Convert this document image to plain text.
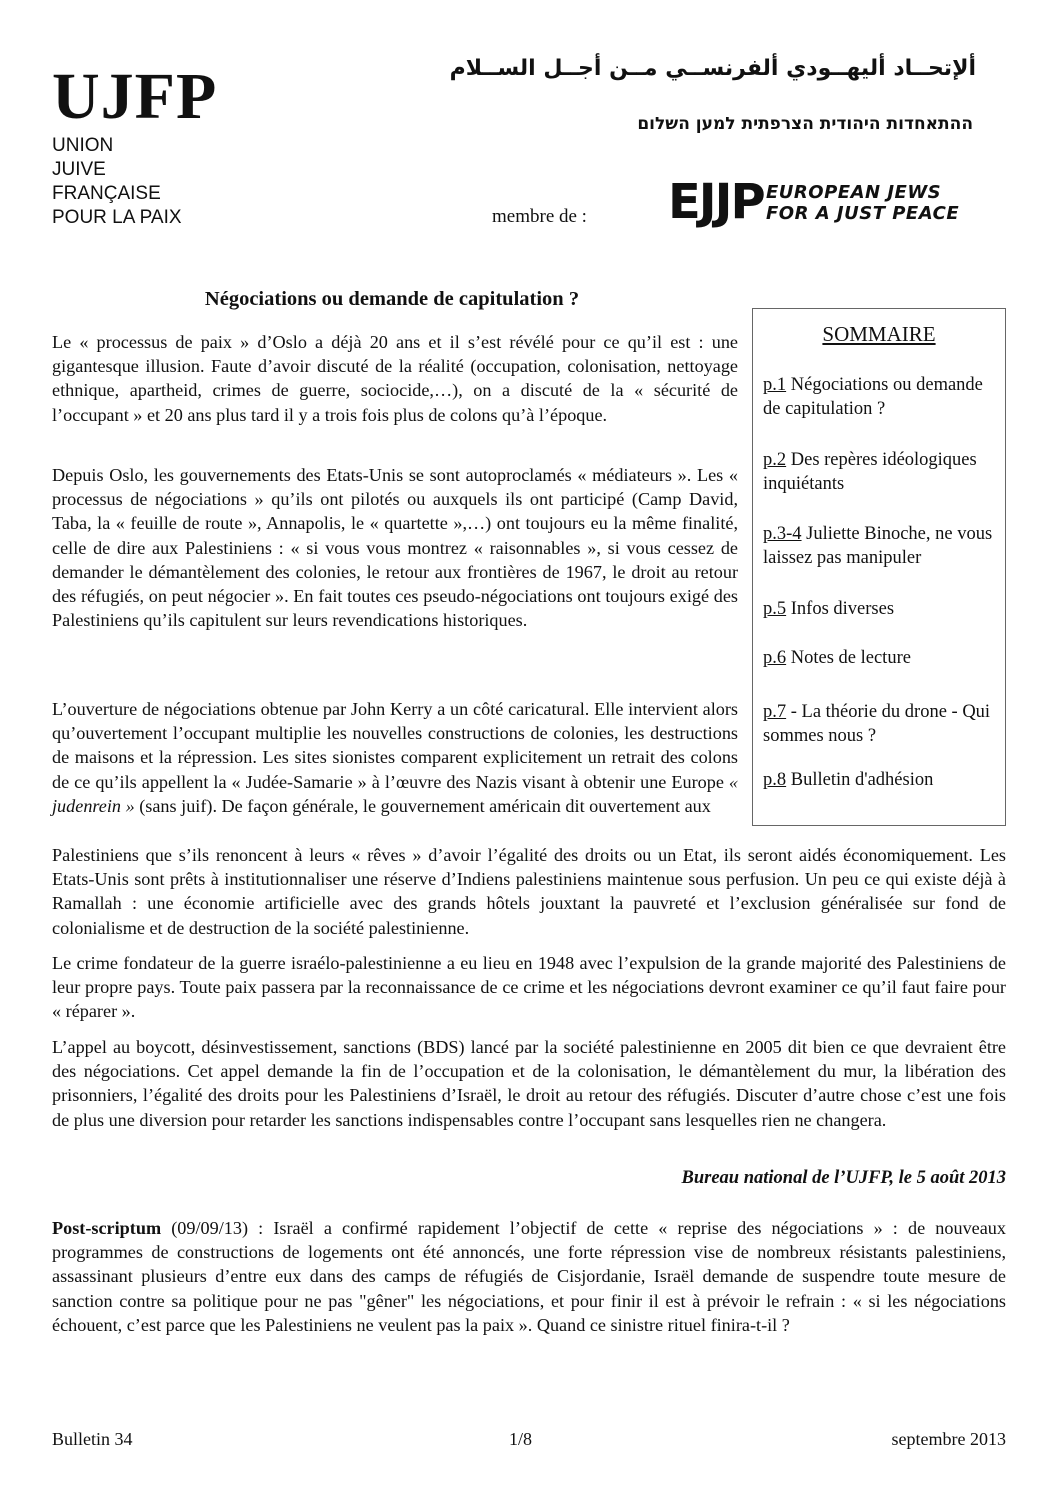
UJFP
UNION
JUIVE
FRANÇAISE
POUR LA PAIX
ألإتحــاد أليهــودي ألفرنســي مــن أجــل الســلام
ההתאחדות היהודית הצרפתית למען השלום
membre de : EJJP EUROPEAN JEWS
FOR A JUST PEACE
Négociations ou demande de capitulation ?
SOMMAIRE
p.1 Négociations ou demande de capitulation ?
p.2 Des repères idéologiques inquiétants
p.3-4 Juliette Binoche, ne vous laissez pas manipuler
p.5 Infos diverses
p.6 Notes de lecture
p.7 - La théorie du drone - Qui sommes nous ?
p.8 Bulletin d'adhésion

Le « processus de paix » d’Oslo a déjà 20 ans et il s’est révélé pour ce qu’il est : une gigantesque illusion. Faute d’avoir discuté de la réalité (occupation, colonisation, nettoyage ethnique, apartheid, crimes de guerre, sociocide,…), on a discuté de la « sécurité de l’occupant » et 20 ans plus tard il y a trois fois plus de colons qu’à l’époque.

Depuis Oslo, les gouvernements des Etats-Unis se sont autoproclamés « médiateurs ». Les « processus de négociations » qu’ils ont pilotés ou auxquels ils ont participé (Camp David, Taba, la « feuille de route », Annapolis, le « quartette »,…) ont toujours eu la même finalité, celle de dire aux Palestiniens : « si vous vous montrez « raisonnables », si vous cessez de demander le démantèlement des colonies, le retour aux frontières de 1967, le droit au retour des réfugiés, on peut négocier ». En fait toutes ces pseudo-négociations ont toujours exigé des Palestiniens qu’ils capitulent sur leurs revendications historiques.

L’ouverture de négociations obtenue par John Kerry a un côté caricatural. Elle intervient alors qu’ouvertement l’occupant multiplie les nouvelles constructions de colonies, les destructions de maisons et la répression. Les sites sionistes comparent explicitement un retrait des colons de ce qu’ils appellent la « Judée-Samarie » à l’œuvre des Nazis visant à obtenir une Europe « judenrein » (sans juif). De façon générale, le gouvernement américain dit ouvertement aux

Palestiniens que s’ils renoncent à leurs « rêves » d’avoir l’égalité des droits ou un Etat, ils seront aidés économiquement. Les Etats-Unis sont prêts à institutionnaliser une réserve d’Indiens palestiniens maintenue sous perfusion. Un peu ce qui existe déjà à Ramallah : une économie artificielle avec des grands hôtels jouxtant la pauvreté et l’exclusion généralisée sur fond de colonialisme et de destruction de la société palestinienne.

Le crime fondateur de la guerre israélo-palestinienne a eu lieu en 1948 avec l’expulsion de la grande majorité des Palestiniens de leur propre pays. Toute paix passera par la reconnaissance de ce crime et les négociations devront examiner ce qu’il faut faire pour « réparer ».

L’appel au boycott, désinvestissement, sanctions (BDS) lancé par la société palestinienne en 2005 dit bien ce que devraient être des négociations. Cet appel demande la fin de l’occupation et de la colonisation, le démantèlement du mur, la libération des prisonniers, l’égalité des droits pour les Palestiniens d’Israël, le droit au retour des réfugiés. Discuter d’autre chose c’est une fois de plus une diversion pour retarder les sanctions indispensables contre l’occupant sans lesquelles rien ne changera.

Bureau national de l’UJFP, le 5 août 2013

Post-scriptum (09/09/13) : Israël a confirmé rapidement l’objectif de cette « reprise des négociations » : de nouveaux programmes de constructions de logements ont été annoncés, une forte répression vise de nombreux résistants palestiniens, assassinant plusieurs d’entre eux dans des camps de réfugiés de Cisjordanie, Israël demande de suspendre toute mesure de sanction contre sa politique pour ne pas "gêner" les négociations, et pour finir il est à prévoir le refrain : « si les négociations échouent, c’est parce que les Palestiniens ne veulent pas la paix ». Quand ce sinistre rituel finira-t-il ?

Bulletin 34	1/8	septembre 2013
